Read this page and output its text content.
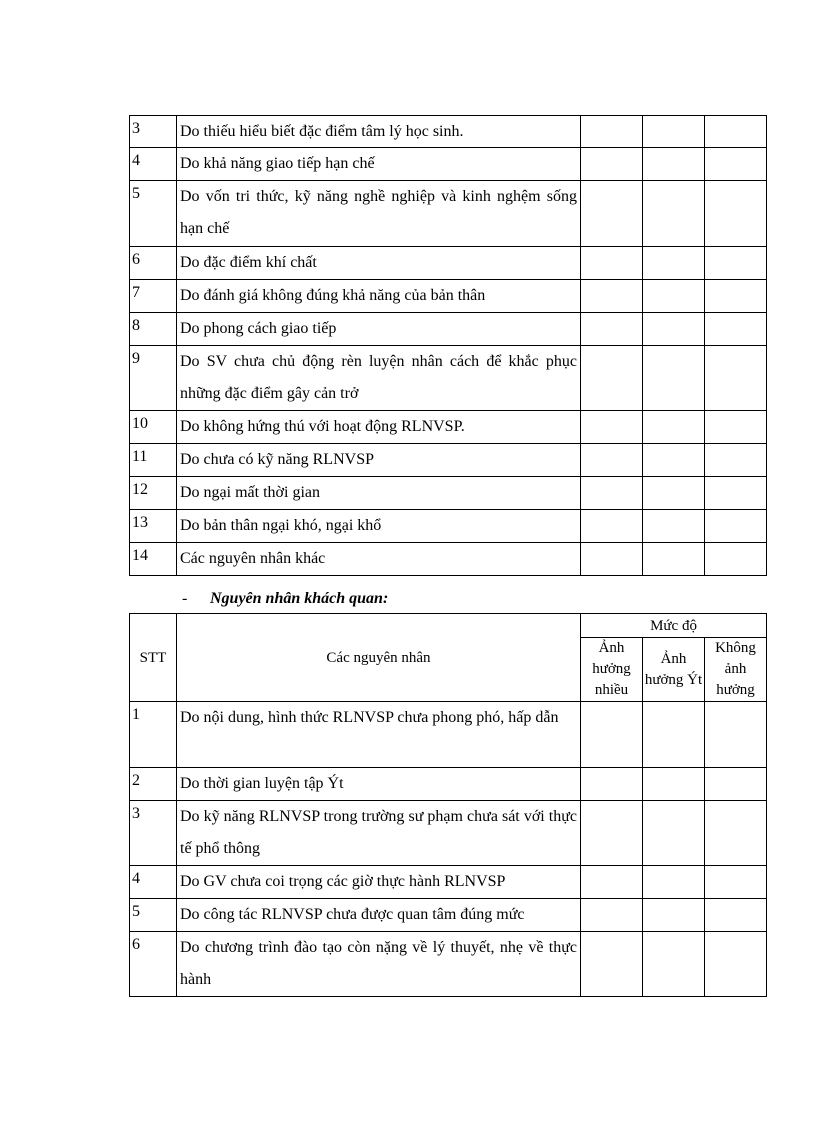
3	Do thiếu hiểu biết đặc điểm tâm lý học sinh.			
4	Do khả năng giao tiếp hạn chế			
5	Do vốn tri thức, kỹ năng nghề nghiệp và kinh nghệm sống hạn chế			
6	Do đặc điểm khí chất			
7	Do đánh giá không đúng khả năng của bản thân			
8	Do phong cách giao tiếp			
9	Do SV chưa chủ động rèn luyện nhân cách để khắc phục những đặc điểm gây cản trở			
10	Do không hứng thú với hoạt động RLNVSP.			
11	Do chưa có kỹ năng RLNVSP			
12	Do ngại mất thời gian			
13	Do bản thân ngại khó, ngại khổ			
14	Các nguyên nhân khác			
- Nguyên nhân khách quan:
STT	Các nguyên nhân	Mức độ		
		Ảnh hưởng nhiều	Ảnh hưởng Ýt	Không ảnh hưởng
1	Do nội dung, hình thức RLNVSP chưa phong phó, hấp dẫn			
2	Do thời gian luyện tập Ýt			
3	Do kỹ năng RLNVSP trong trường sư phạm chưa sát với thực tế phổ thông			
4	Do GV chưa coi trọng các giờ thực hành RLNVSP			
5	Do công tác RLNVSP chưa được quan tâm đúng mức			
6	Do chương trình đào tạo còn nặng về lý thuyết, nhẹ về thực hành			
